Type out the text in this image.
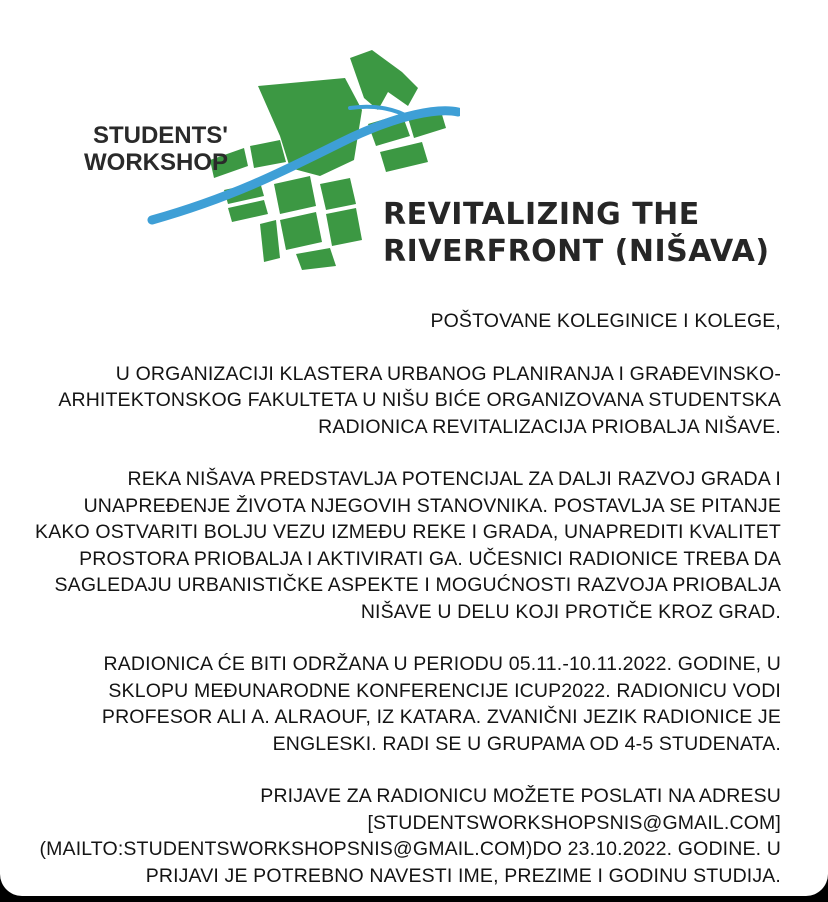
STUDENTS'
WORKSHOP
REVITALIZING THE
RIVERFRONT (NIŠAVA)

POŠTOVANE KOLEGINICE I KOLEGE,

U ORGANIZACIJI KLASTERA URBANOG PLANIRANJA I GRAĐEVINSKO-
ARHITEKTONSKOG FAKULTETA U NIŠU BIĆE ORGANIZOVANA STUDENTSKA
RADIONICA REVITALIZACIJA PRIOBALJA NIŠAVE.

REKA NIŠAVA PREDSTAVLJA POTENCIJAL ZA DALJI RAZVOJ GRADA I
UNAPREĐENJE ŽIVOTA NJEGOVIH STANOVNIKA. POSTAVLJA SE PITANJE
KAKO OSTVARITI BOLJU VEZU IZMEĐU REKE I GRADA, UNAPREDITI KVALITET
PROSTORA PRIOBALJA I AKTIVIRATI GA. UČESNICI RADIONICE TREBA DA
SAGLEDAJU URBANISTIČKE ASPEKTE I MOGUĆNOSTI RAZVOJA PRIOBALJA
NIŠAVE U DELU KOJI PROTIČE KROZ GRAD.

RADIONICA ĆE BITI ODRŽANA U PERIODU 05.11.-10.11.2022. GODINE, U
SKLOPU MEĐUNARODNE KONFERENCIJE ICUP2022. RADIONICU VODI
PROFESOR ALI A. ALRAOUF, IZ KATARA. ZVANIČNI JEZIK RADIONICE JE
ENGLESKI. RADI SE U GRUPAMA OD 4-5 STUDENATA.

PRIJAVE ZA RADIONICU MOŽETE POSLATI NA ADRESU
[STUDENTSWORKSHOPSNIS@GMAIL.COM]
(MAILTO:STUDENTSWORKSHOPSNIS@GMAIL.COM)DO 23.10.2022. GODINE. U
PRIJAVI JE POTREBNO NAVESTI IME, PREZIME I GODINU STUDIJA.
